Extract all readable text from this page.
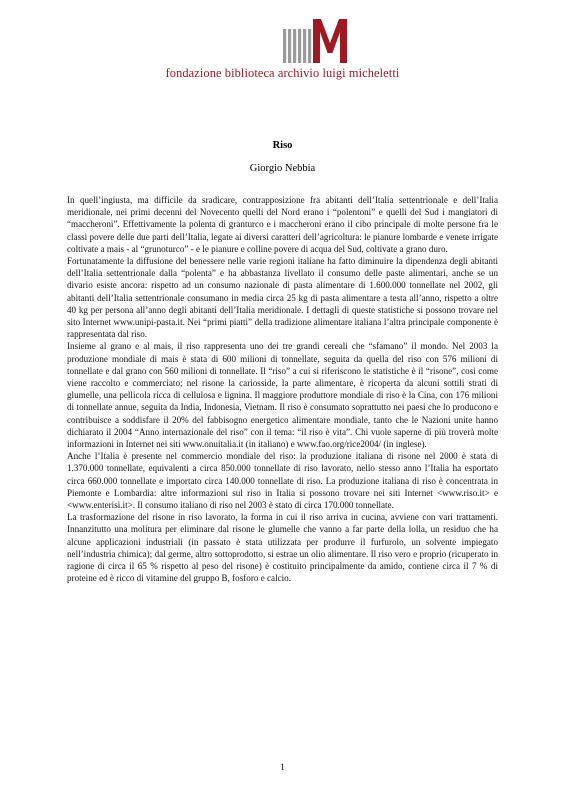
fondazione biblioteca archivio luigi micheletti
Riso
Giorgio Nebbia

In quell’ingiusta, ma difficile da sradicare, contrapposizione fra abitanti dell’Italia settentrionale e dell’Italia meridionale, nei primi decenni del Novecento quelli del Nord erano i “polentoni” e quelli del Sud i mangiatori di “maccheroni”. Effettivamente la polenta di granturco e i maccheroni erano il cibo principale di molte persone fra le classi povere delle due parti dell’Italia, legate ai diversi caratteri dell’agricoltura: le pianure lombarde e venete irrigate coltivate a mais - al “grunoturco” - e le pianure e colline povere di acqua del Sud, coltivate a grano duro.

Fortunatamente la diffusione del benessere nelle varie regioni italiane ha fatto diminuire la dipendenza degli abitanti dell’Italia settentrionale dalla “polenta” e ha abbastanza livellato il consumo delle paste alimentari, anche se un divario esiste ancora: rispetto ad un consumo nazionale di pasta alimentare di 1.600.000 tonnellate nel 2002, gli abitanti dell’Italia settentrionale consumano in media circa 25 kg di pasta alimentare a testa all’anno, rispetto a oltre 40 kg per persona all’anno degli abitanti dell’Italia meridionale. I dettagli di queste statistiche si possono trovare nel sito Internet www.unipi-pasta.it. Nei “primi piatti” della tradizione alimentare italiana l’altra principale componente è rappresentata dal riso.

Insieme al grano e al mais, il riso rappresenta uno dei tre grandi cereali che “sfamano” il mondo. Nel 2003 la produzione mondiale di mais è stata di 600 milioni di tonnellate, seguita da quella del riso con 576 milioni di tonnellate e dal grano con 560 milioni di tonnellate. Il “riso” a cui si riferiscono le statistiche è il “risone”, così come viene raccolto e commerciato; nel risone la cariosside, la parte alimentare, è ricoperta da alcuni sottili strati di glumelle, una pellicola ricca di cellulosa e lignina. Il maggiore produttore mondiale di riso è la Cina, con 176 milioni di tonnellate annue, seguita da India, Indonesia, Vietnam. Il riso è consumato soprattutto nei paesi che lo producono e contribuisce a soddisfare il 20% del fabbisogno energetico alimentare mondiale, tanto che le Nazioni unite hanno dichiarato il 2004 “Anno internazionale del riso” con il tema: “il riso è vita”. Chi vuole saperne di più troverà molte informazioni in Internet nei siti www.onuitalia.it (in italiano) e www.fao.org/rice2004/ (in inglese).

Anche l’Italia è presente nel commercio mondiale del riso: la produzione italiana di risone nel 2000 è stata di 1.370.000 tonnellate, equivalenti a circa 850.000 tonnellate di riso lavorato, nello stesso anno l’Italia ha esportato circa 660.000 tonnellate e importato circa 140.000 tonnellate di riso. La produzione italiana di riso è concentrata in Piemonte e Lombardia: altre informazioni sul riso in Italia si possono trovare nei siti Internet <www.riso.it> e <www.enterisi.it>. Il consumo italiano di riso nel 2003 è stato di circa 170.000 tonnellate.

La trasformazione del risone in riso lavorato, la forma in cui il riso arriva in cucina, avviene con vari trattamenti. Innanzitutto una molitura per eliminare dal risone le glumelle che vanno a far parte della lolla, un residuo che ha alcune applicazioni industriali (in passato è stata utilizzata per produrre il furfurolo, un solvente impiegato nell’industria chimica); dal germe, altro sottoprodotto, si estrae un olio alimentare. Il riso vero e proprio (ricuperato in ragione di circa il 65 % rispetto al peso del risone) è costituito principalmente da amido, contiene circa il 7 % di proteine ed è ricco di vitamine del gruppo B, fosforo e calcio.

1
